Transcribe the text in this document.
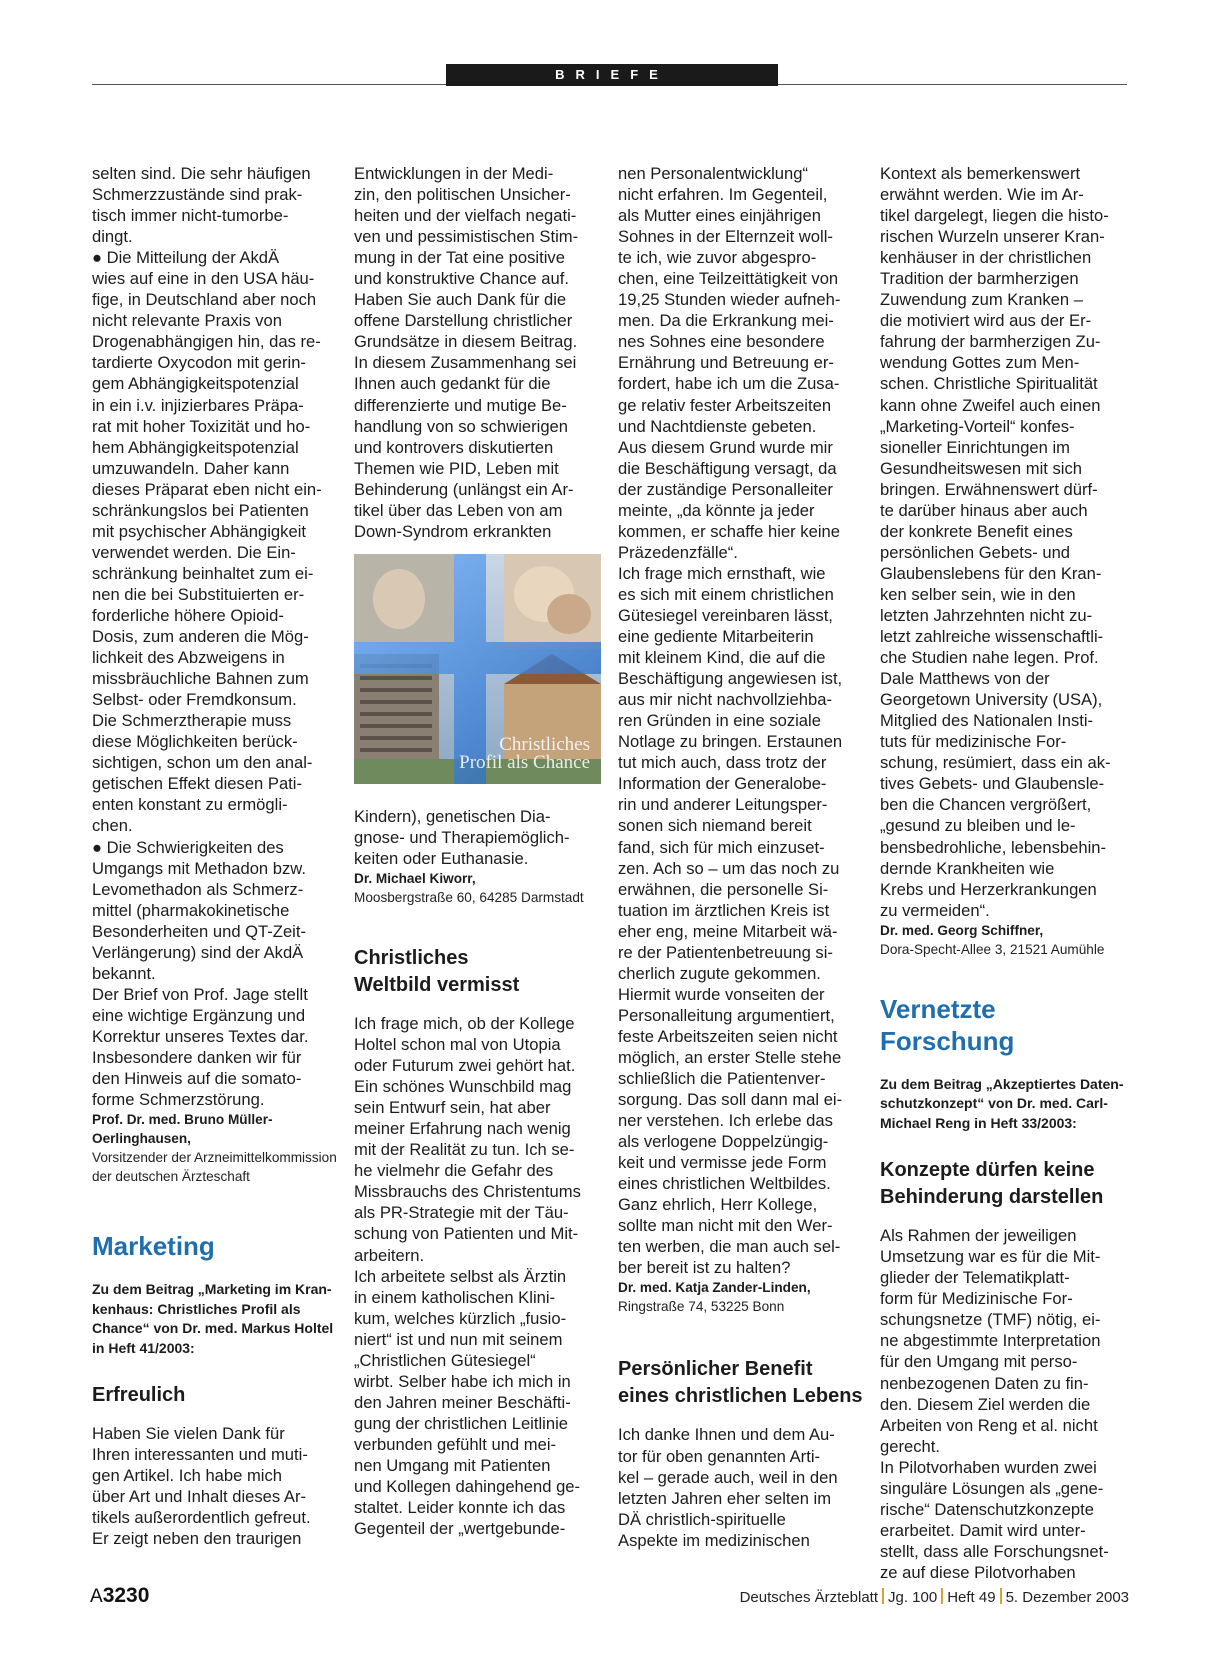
BRIEFE
selten sind. Die sehr häufigen
Schmerzzustände sind prak-
tisch immer nicht-tumorbe-
dingt.
● Die Mitteilung der AkdÄ
wies auf eine in den USA häu-
fige, in Deutschland aber noch
nicht relevante Praxis von
Drogenabhängigen hin, das re-
tardierte Oxycodon mit gerin-
gem Abhängigkeitspotenzial
in ein i.v. injizierbares Präpa-
rat mit hoher Toxizität und ho-
hem Abhängigkeitspotenzial
umzuwandeln. Daher kann
dieses Präparat eben nicht ein-
schränkungslos bei Patienten
mit psychischer Abhängigkeit
verwendet werden. Die Ein-
schränkung beinhaltet zum ei-
nen die bei Substituierten er-
forderliche höhere Opioid-
Dosis, zum anderen die Mög-
lichkeit des Abzweigens in
missbräuchliche Bahnen zum
Selbst- oder Fremdkonsum.
Die Schmerztherapie muss
diese Möglichkeiten berück-
sichtigen, schon um den anal-
getischen Effekt diesen Pati-
enten konstant zu ermögli-
chen.
● Die Schwierigkeiten des
Umgangs mit Methadon bzw.
Levomethadon als Schmerz-
mittel (pharmakokinetische
Besonderheiten und QT-Zeit-
Verlängerung) sind der AkdÄ
bekannt.
Der Brief von Prof. Jage stellt
eine wichtige Ergänzung und
Korrektur unseres Textes dar.
Insbesondere danken wir für
den Hinweis auf die somato-
forme Schmerzstörung.

Prof. Dr. med. Bruno Müller-

Oerlinghausen,

Vorsitzender der Arzneimittelkommission

der deutschen Ärzteschaft

Marketing
Zu dem Beitrag „Marketing im Kran-
kenhaus: Christliches Profil als
Chance“ von Dr. med. Markus Holtel
in Heft 41/2003:
Erfreulich
Haben Sie vielen Dank für
Ihren interessanten und muti-
gen Artikel. Ich habe mich
über Art und Inhalt dieses Ar-
tikels außerordentlich gefreut.
Er zeigt neben den traurigen
Entwicklungen in der Medi-
zin, den politischen Unsicher-
heiten und der vielfach negati-
ven und pessimistischen Stim-
mung in der Tat eine positive
und konstruktive Chance auf.
Haben Sie auch Dank für die
offene Darstellung christlicher
Grundsätze in diesem Beitrag.
In diesem Zusammenhang sei
Ihnen auch gedankt für die
differenzierte und mutige Be-
handlung von so schwierigen
und kontrovers diskutierten
Themen wie PID, Leben mit
Behinderung (unlängst ein Ar-
tikel über das Leben von am
Down-Syndrom erkrankten
Christliches
Profil als Chance
Kindern), genetischen Dia-
gnose- und Therapiemöglich-
keiten oder Euthanasie.

Dr. Michael Kiworr,

Moosbergstraße 60, 64285 Darmstadt

Christliches
Weltbild vermisst
Ich frage mich, ob der Kollege
Holtel schon mal von Utopia
oder Futurum zwei gehört hat.
Ein schönes Wunschbild mag
sein Entwurf sein, hat aber
meiner Erfahrung nach wenig
mit der Realität zu tun. Ich se-
he vielmehr die Gefahr des
Missbrauchs des Christentums
als PR-Strategie mit der Täu-
schung von Patienten und Mit-
arbeitern.
Ich arbeitete selbst als Ärztin
in einem katholischen Klini-
kum, welches kürzlich „fusio-
niert“ ist und nun mit seinem
„Christlichen Gütesiegel“
wirbt. Selber habe ich mich in
den Jahren meiner Beschäfti-
gung der christlichen Leitlinie
verbunden gefühlt und mei-
nen Umgang mit Patienten
und Kollegen dahingehend ge-
staltet. Leider konnte ich das
Gegenteil der „wertgebunde-
nen Personalentwicklung“
nicht erfahren. Im Gegenteil,
als Mutter eines einjährigen
Sohnes in der Elternzeit woll-
te ich, wie zuvor abgespro-
chen, eine Teilzeittätigkeit von
19,25 Stunden wieder aufneh-
men. Da die Erkrankung mei-
nes Sohnes eine besondere
Ernährung und Betreuung er-
fordert, habe ich um die Zusa-
ge relativ fester Arbeitszeiten
und Nachtdienste gebeten.
Aus diesem Grund wurde mir
die Beschäftigung versagt, da
der zuständige Personalleiter
meinte, „da könnte ja jeder
kommen, er schaffe hier keine
Präzedenzfälle“.
Ich frage mich ernsthaft, wie
es sich mit einem christlichen
Gütesiegel vereinbaren lässt,
eine gediente Mitarbeiterin
mit kleinem Kind, die auf die
Beschäftigung angewiesen ist,
aus mir nicht nachvollziehba-
ren Gründen in eine soziale
Notlage zu bringen. Erstaunen
tut mich auch, dass trotz der
Information der Generalobe-
rin und anderer Leitungsper-
sonen sich niemand bereit
fand, sich für mich einzuset-
zen. Ach so – um das noch zu
erwähnen, die personelle Si-
tuation im ärztlichen Kreis ist
eher eng, meine Mitarbeit wä-
re der Patientenbetreuung si-
cherlich zugute gekommen.
Hiermit wurde vonseiten der
Personalleitung argumentiert,
feste Arbeitszeiten seien nicht
möglich, an erster Stelle stehe
schließlich die Patientenver-
sorgung. Das soll dann mal ei-
ner verstehen. Ich erlebe das
als verlogene Doppelzüngig-
keit und vermisse jede Form
eines christlichen Weltbildes.
Ganz ehrlich, Herr Kollege,
sollte man nicht mit den Wer-
ten werben, die man auch sel-
ber bereit ist zu halten?

Dr. med. Katja Zander-Linden,

Ringstraße 74, 53225 Bonn

Persönlicher Benefit
eines christlichen Lebens
Ich danke Ihnen und dem Au-
tor für oben genannten Arti-
kel – gerade auch, weil in den
letzten Jahren eher selten im
DÄ christlich-spirituelle
Aspekte im medizinischen
Kontext als bemerkenswert
erwähnt werden. Wie im Ar-
tikel dargelegt, liegen die histo-
rischen Wurzeln unserer Kran-
kenhäuser in der christlichen
Tradition der barmherzigen
Zuwendung zum Kranken –
die motiviert wird aus der Er-
fahrung der barmherzigen Zu-
wendung Gottes zum Men-
schen. Christliche Spiritualität
kann ohne Zweifel auch einen
„Marketing-Vorteil“ konfes-
sioneller Einrichtungen im
Gesundheitswesen mit sich
bringen. Erwähnenswert dürf-
te darüber hinaus aber auch
der konkrete Benefit eines
persönlichen Gebets- und
Glaubenslebens für den Kran-
ken selber sein, wie in den
letzten Jahrzehnten nicht zu-
letzt zahlreiche wissenschaftli-
che Studien nahe legen. Prof.
Dale Matthews von der
Georgetown University (USA),
Mitglied des Nationalen Insti-
tuts für medizinische For-
schung, resümiert, dass ein ak-
tives Gebets- und Glaubensle-
ben die Chancen vergrößert,
„gesund zu bleiben und le-
bensbedrohliche, lebensbehin-
dernde Krankheiten wie
Krebs und Herzerkrankungen
zu vermeiden“.

Dr. med. Georg Schiffner,

Dora-Specht-Allee 3, 21521 Aumühle

Vernetzte Forschung
Zu dem Beitrag „Akzeptiertes Daten-
schutzkonzept“ von Dr. med. Carl-
Michael Reng in Heft 33/2003:
Konzepte dürfen keine
Behinderung darstellen
Als Rahmen der jeweiligen
Umsetzung war es für die Mit-
glieder der Telematikplatt-
form für Medizinische For-
schungsnetze (TMF) nötig, ei-
ne abgestimmte Interpretation
für den Umgang mit perso-
nenbezogenen Daten zu fin-
den. Diesem Ziel werden die
Arbeiten von Reng et al. nicht
gerecht.
In Pilotvorhaben wurden zwei
singuläre Lösungen als „gene-
rische“ Datenschutzkonzepte
erarbeitet. Damit wird unter-
stellt, dass alle Forschungsnet-
ze auf diese Pilotvorhaben
A3230	Deutsches Ärzteblatt Jg. 100 Heft 49 5. Dezember 2003
